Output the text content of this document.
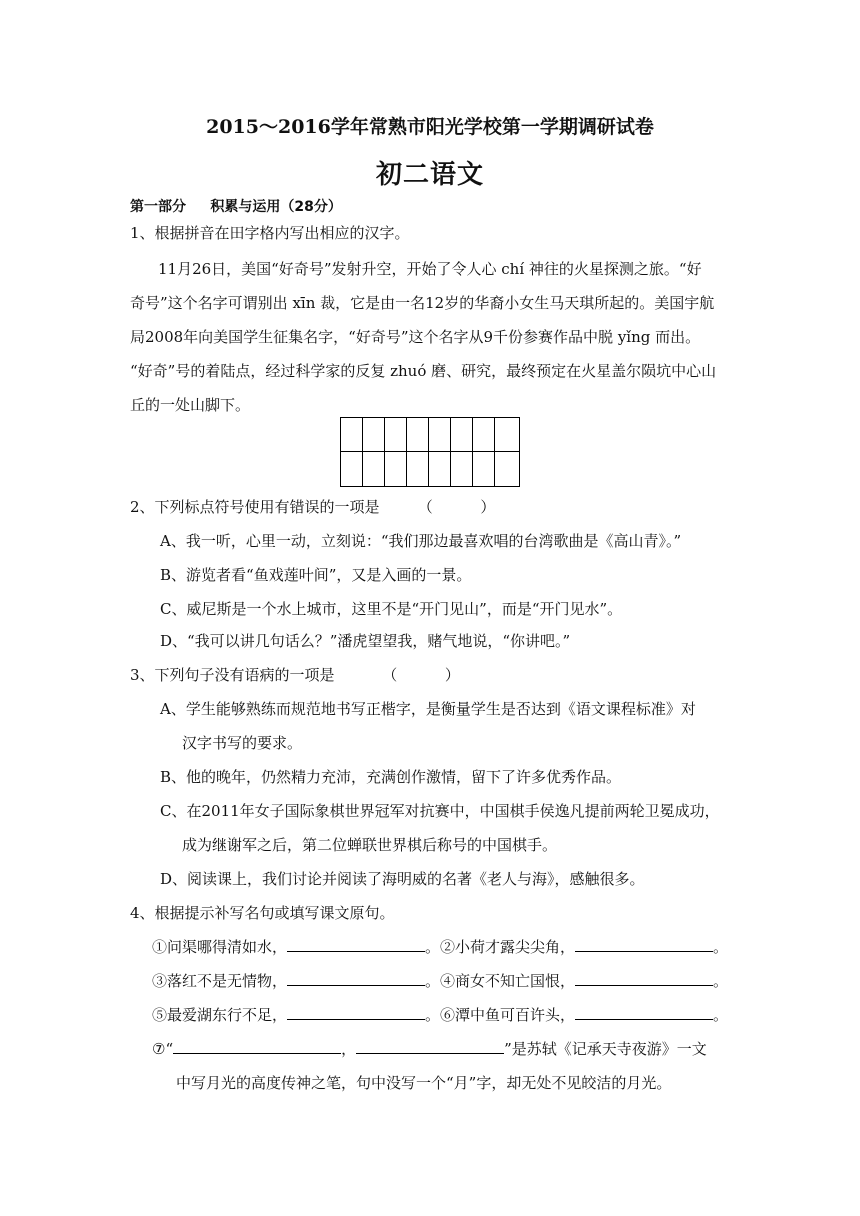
2015～2016学年常熟市阳光学校第一学期调研试卷
初二语文
第一部分     积累与运用（28分）
1、根据拼音在田字格内写出相应的汉字。
11月26日，美国“好奇号”发射升空，开始了令人心 chí 神往的火星探测之旅。“好
奇号”这个名字可谓别出 xīn 裁，它是由一名12岁的华裔小女生马天琪所起的。美国宇航
局2008年向美国学生征集名字，“好奇号”这个名字从9千份参赛作品中脱 yǐng 而出。
“好奇”号的着陆点，经过科学家的反复 zhuó 磨、研究，最终预定在火星盖尔陨坑中心山
丘的一处山脚下。
2、下列标点符号使用有错误的一项是        （          ）
A、我一听，心里一动，立刻说：“我们那边最喜欢唱的台湾歌曲是《高山青》。”
B、游览者看“鱼戏莲叶间”，又是入画的一景。
C、威尼斯是一个水上城市，这里不是“开门见山”，而是“开门见水”。
D、“我可以讲几句话么？”潘虎望望我，赌气地说，“你讲吧。”
3、下列句子没有语病的一项是          （          ）
A、学生能够熟练而规范地书写正楷字，是衡量学生是否达到《语文课程标准》对
汉字书写的要求。
B、他的晚年，仍然精力充沛，充满创作激情，留下了许多优秀作品。
C、在2011年女子国际象棋世界冠军对抗赛中，中国棋手侯逸凡提前两轮卫冕成功，
成为继谢军之后，第二位蝉联世界棋后称号的中国棋手。
D、阅读课上，我们讨论并阅读了海明威的名著《老人与海》，感触很多。
4、根据提示补写名句或填写课文原句。
①问渠哪得清如水，	。②小荷才露尖尖角，	。
③落红不是无情物，	。④商女不知亡国恨，	。
⑤最爱湖东行不足，	。⑥潭中鱼可百许头，	。
⑦“	，	”是苏轼《记承天寺夜游》一文
中写月光的高度传神之笔，句中没写一个“月”字，却无处不见皎洁的月光。
